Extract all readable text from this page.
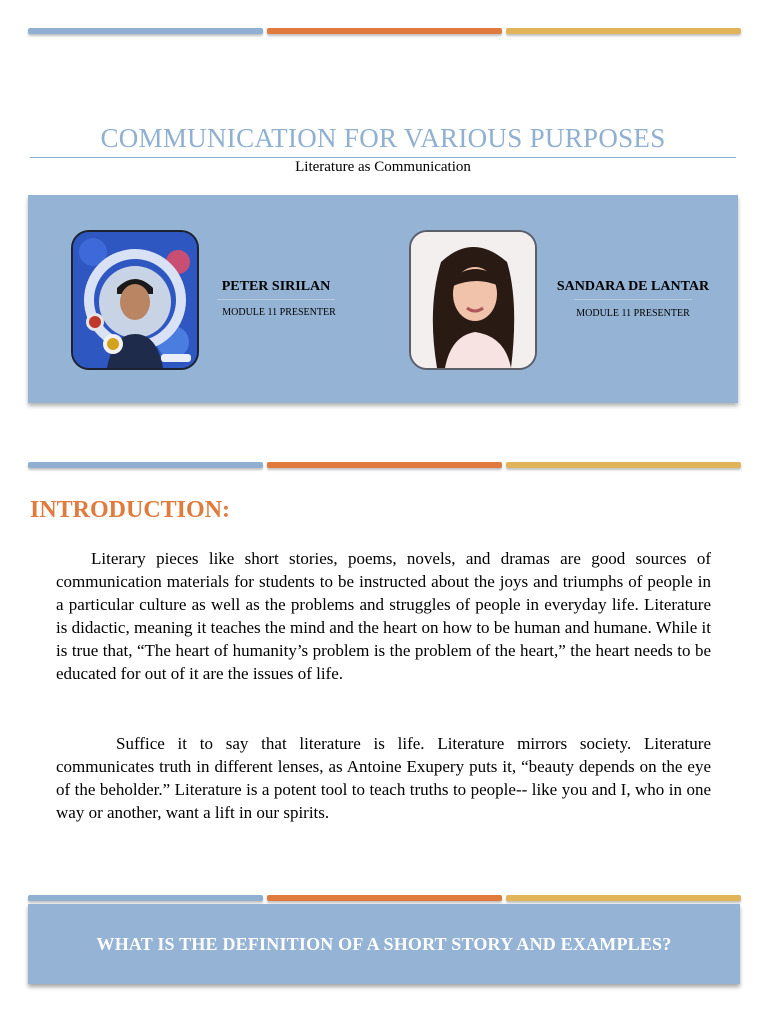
COMMUNICATION FOR VARIOUS PURPOSES
Literature as Communication
PETER SIRILAN
MODULE 11 PRESENTER
SANDARA DE LANTAR
MODULE 11 PRESENTER
INTRODUCTION:

Literary pieces like short stories, poems, novels, and dramas are good sources of communication materials for students to be instructed about the joys and triumphs of people in a particular culture as well as the problems and struggles of people in everyday life. Literature is didactic, meaning it teaches the mind and the heart on how to be human and humane. While it is true that, “The heart of humanity’s problem is the problem of the heart,” the heart needs to be educated for out of it are the issues of life.

Suffice it to say that literature is life. Literature mirrors society. Literature communicates truth in different lenses, as Antoine Exupery puts it, “beauty depends on the eye of the beholder.” Literature is a potent tool to teach truths to people-- like you and I, who in one way or another, want a lift in our spirits.

WHAT IS THE DEFINITION OF A SHORT STORY AND EXAMPLES?
